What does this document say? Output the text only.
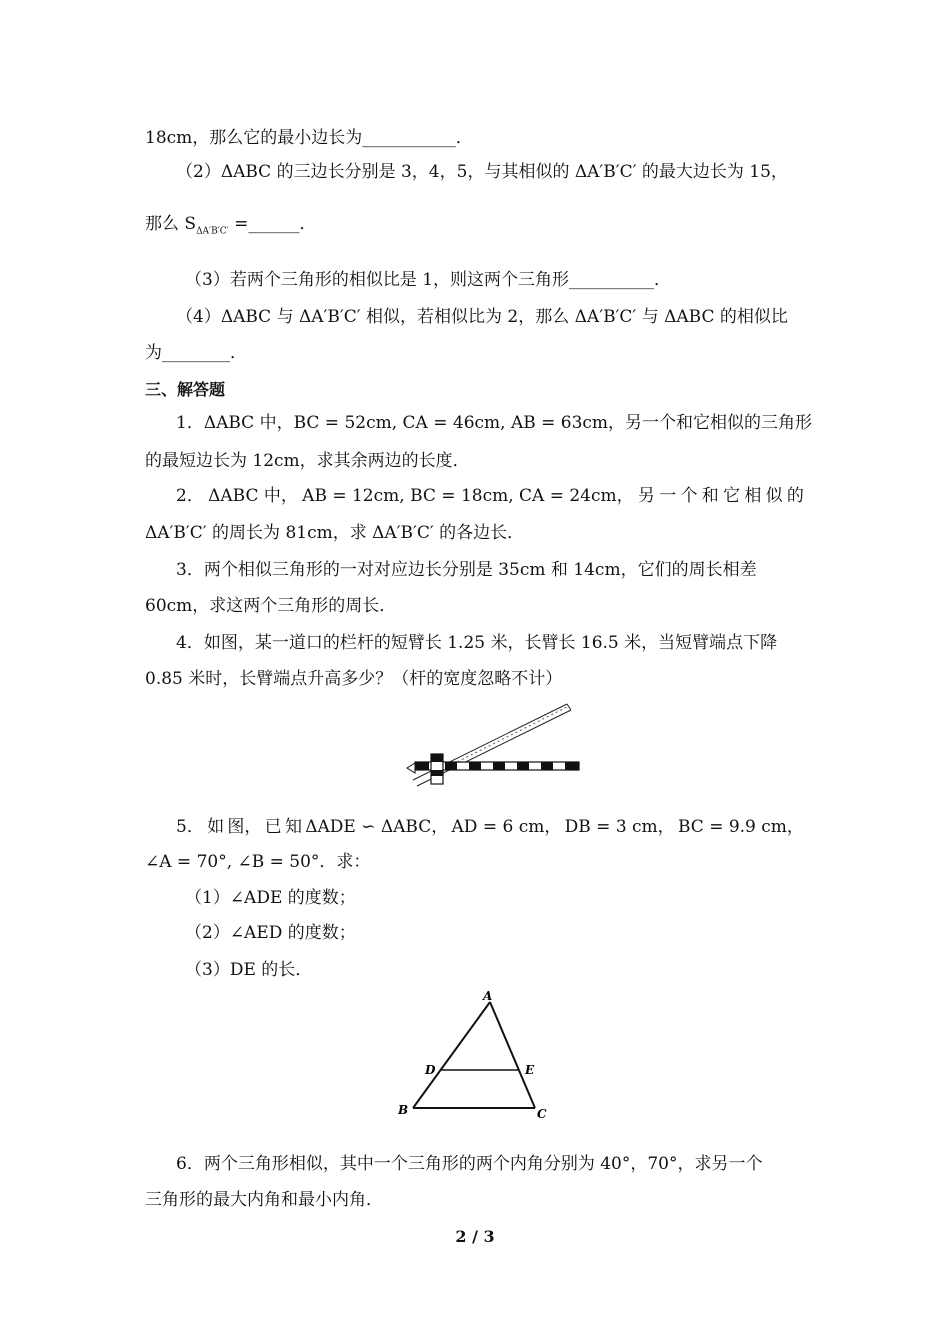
18cm，那么它的最小边长为___________．
（2）ΔABC 的三边长分别是 3，4，5，与其相似的 ΔA′B′C′ 的最大边长为 15，
那么 $S_{\Delta A'B'C'}$ =______．
（3）若两个三角形的相似比是 1，则这两个三角形__________．
（4）ΔABC 与 ΔA′B′C′ 相似，若相似比为 2，那么 ΔA′B′C′ 与 ΔABC 的相似比
为________．
三、解答题
1．ΔABC 中，BC = 52cm, CA = 46cm, AB = 63cm，另一个和它相似的三角形
的最短边长为 12cm，求其余两边的长度．
2． ΔABC 中， AB = 12cm, BC = 18cm, CA = 24cm， 另 一 个 和 它 相 似 的
ΔA′B′C′ 的周长为 81cm，求 ΔA′B′C′ 的各边长．
3．两个相似三角形的一对对应边长分别是 35cm 和 14cm，它们的周长相差
60cm，求这两个三角形的周长．
4．如图，某一道口的栏杆的短臂长 1.25 米，长臂长 16.5 米，当短臂端点下降
0.85 米时，长臂端点升高多少？（杆的宽度忽略不计）
5． 如 图， 已 知 ΔADE ∽ ΔABC， AD = 6 cm， DB = 3 cm， BC = 9.9 cm，
∠A = 70°, ∠B = 50°．求：
（1）∠ADE 的度数；
（2）∠AED 的度数；
（3）DE 的长．
A
B	C
D	E
6．两个三角形相似，其中一个三角形的两个内角分别为 40°，70°，求另一个
三角形的最大内角和最小内角．
2 / 3
